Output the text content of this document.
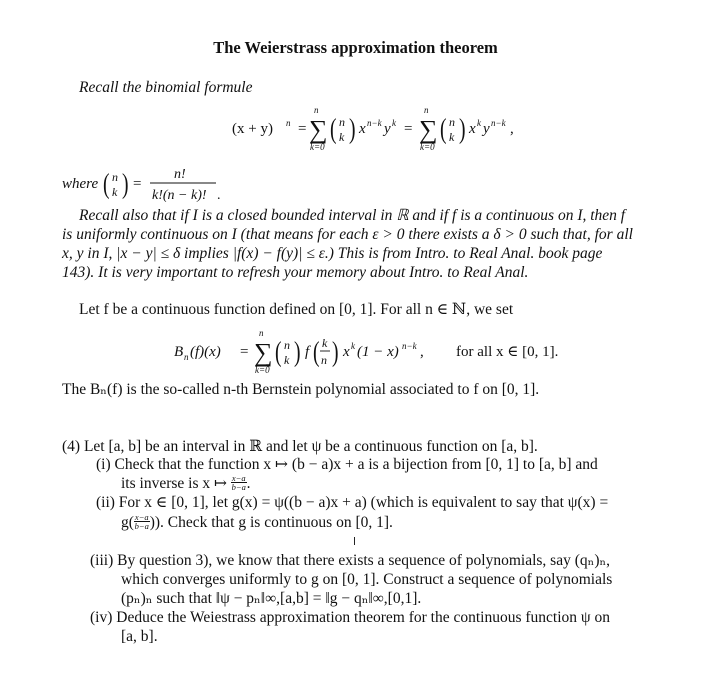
The Weierstrass approximation theorem
Recall the binomial formule
(x + y) n =
n
∑
k=0
( n
k ) x n−k y k =
n
∑
k=0
( n
k ) x k y n−k ,
where ( n
k ) =
n!
k!(n − k)! .
Recall also that if I is a closed bounded interval in ℝ and if f is a continuous on I, then f
is uniformly continuous on I (that means for each ε > 0 there exists a δ > 0 such that, for all
x, y in I, |x − y| ≤ δ implies |f(x) − f(y)| ≤ ε.) This is from Intro. to Real Anal. book page
143). It is very important to refresh your memory about Intro. to Real Anal.
Let f be a continuous function defined on [0, 1]. For all n ∈ ℕ, we set
B n (f)(x) =
n
∑
k=0
( n
k ) f ( k
n ) x k (1 − x) n−k , for all x ∈ [0, 1].
The Bₙ(f) is the so-called n-th Bernstein polynomial associated to f on [0, 1].
(4) Let [a, b] be an interval in ℝ and let ψ be a continuous function on [a, b].
(i) Check that the function x ↦ (b − a)x + a is a bijection from [0, 1] to [a, b] and
its inverse is x ↦ $\frac{x-a}{b-a}$ .
(ii) For x ∈ [0, 1], let g(x) = ψ((b − a)x + a) (which is equivalent to say that ψ(x) =
$g( \frac{x-a}{b-a}$ )). Check that g is continuous on [0, 1].
(iii) By question 3), we know that there exists a sequence of polynomials, say (qₙ)ₙ,
which converges uniformly to g on [0, 1]. Construct a sequence of polynomials
(pₙ)ₙ such that ‖ψ − pₙ‖∞,[a,b] = ‖g − qₙ‖∞,[0,1].
(iv) Deduce the Weiestrass approximation theorem for the continuous function ψ on
[a, b].
